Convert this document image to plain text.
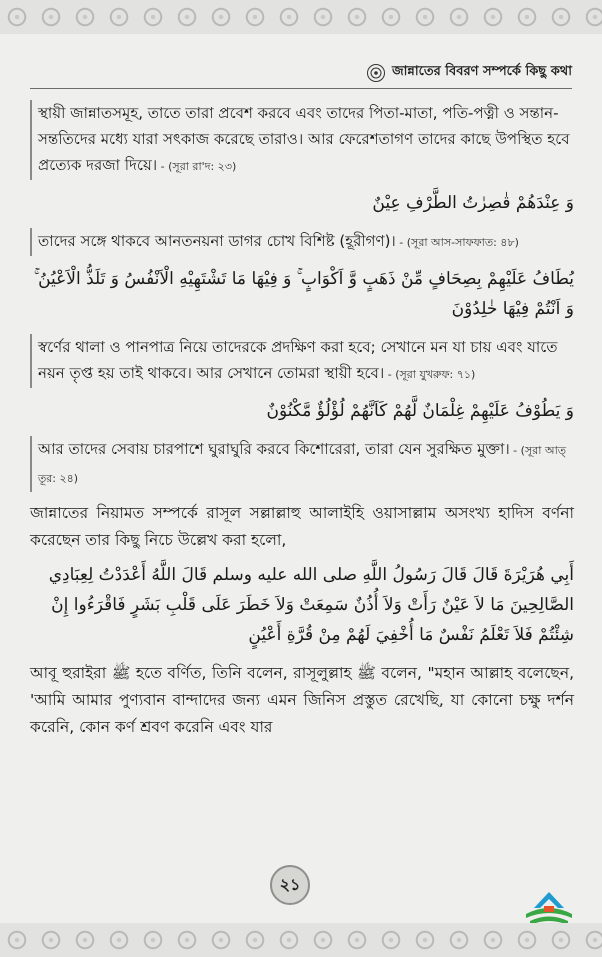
জান্নাতের বিবরণ সম্পর্কে কিছু কথা
স্থায়ী জান্নাতসমূহ, তাতে তারা প্রবেশ করবে এবং তাদের পিতা-মাতা, পতি-পত্নী ও সন্তান-সন্ততিদের মধ্যে যারা সৎকাজ করেছে তারাও। আর ফেরেশতাগণ তাদের কাছে উপস্থিত হবে প্রত্যেক দরজা দিয়ে। - (সূরা রা'দ: ২৩)
وَ عِنْدَهُمْ قٰصِرٰتُ الطَّرْفِ عِيْنٌ
তাদের সঙ্গে থাকবে আনতনয়না ডাগর চোখ বিশিষ্ট (হূরীগণ)। - (সূরা আস-সাফফাত: ৪৮)
يُطَافُ عَلَيْهِمْ بِصِحَافٍ مِّنْ ذَهَبٍ وَّ اَكْوَابٍ ۚ وَ فِيْهَا مَا تَشْتَهِيْهِ الْاَنْفُسُ وَ تَلَذُّ الْاَعْيُنُ ۚ وَ اَنْتُمْ فِيْهَا خٰلِدُوْنَ
স্বর্ণের থালা ও পানপাত্র নিয়ে তাদেরকে প্রদক্ষিণ করা হবে; সেখানে মন যা চায় এবং যাতে নয়ন তৃপ্ত হয় তাই থাকবে। আর সেখানে তোমরা স্থায়ী হবে। - (সূরা যুখরুফ: ৭১)
وَ يَطُوْفُ عَلَيْهِمْ غِلْمَانٌ لَّهُمْ كَاَنَّهُمْ لُؤْلُؤٌ مَّكْنُوْنٌ
আর তাদের সেবায় চারপাশে ঘুরাঘুরি করবে কিশোরেরা, তারা যেন সুরক্ষিত মুক্তা। - (সূরা আত্ তূর: ২৪)

জান্নাতের নিয়ামত সম্পর্কে রাসূল সল্লাল্লাহু আলাইহি ওয়াসাল্লাম অসংখ্য হাদিস বর্ণনা করেছেন তার কিছু নিচে উল্লেখ করা হলো,

أَبِي هُرَيْرَةَ قَالَ قَالَ رَسُولُ اللَّهِ صلى الله عليه وسلم قَالَ اللَّهُ أَعْدَدْتُ لِعِبَادِي الصَّالِحِينَ مَا لاَ عَيْنٌ رَأَتْ وَلاَ أُذُنٌ سَمِعَتْ وَلاَ خَطَرَ عَلَى قَلْبِ بَشَرٍ فَاقْرَءُوا إِنْ شِئْتُمْ فَلاَ تَعْلَمُ نَفْسٌ مَا أُخْفِيَ لَهُمْ مِنْ قُرَّةِ أَعْيُنٍ

আবূ হুরাইরা ﷺ হতে বর্ণিত, তিনি বলেন, রাসূলুল্লাহ ﷺ বলেন, "মহান আল্লাহ বলেছেন, 'আমি আমার পুণ্যবান বান্দাদের জন্য এমন জিনিস প্রস্তুত রেখেছি, যা কোনো চক্ষু দর্শন করেনি, কোন কর্ণ শ্রবণ করেনি এবং যার

২১
